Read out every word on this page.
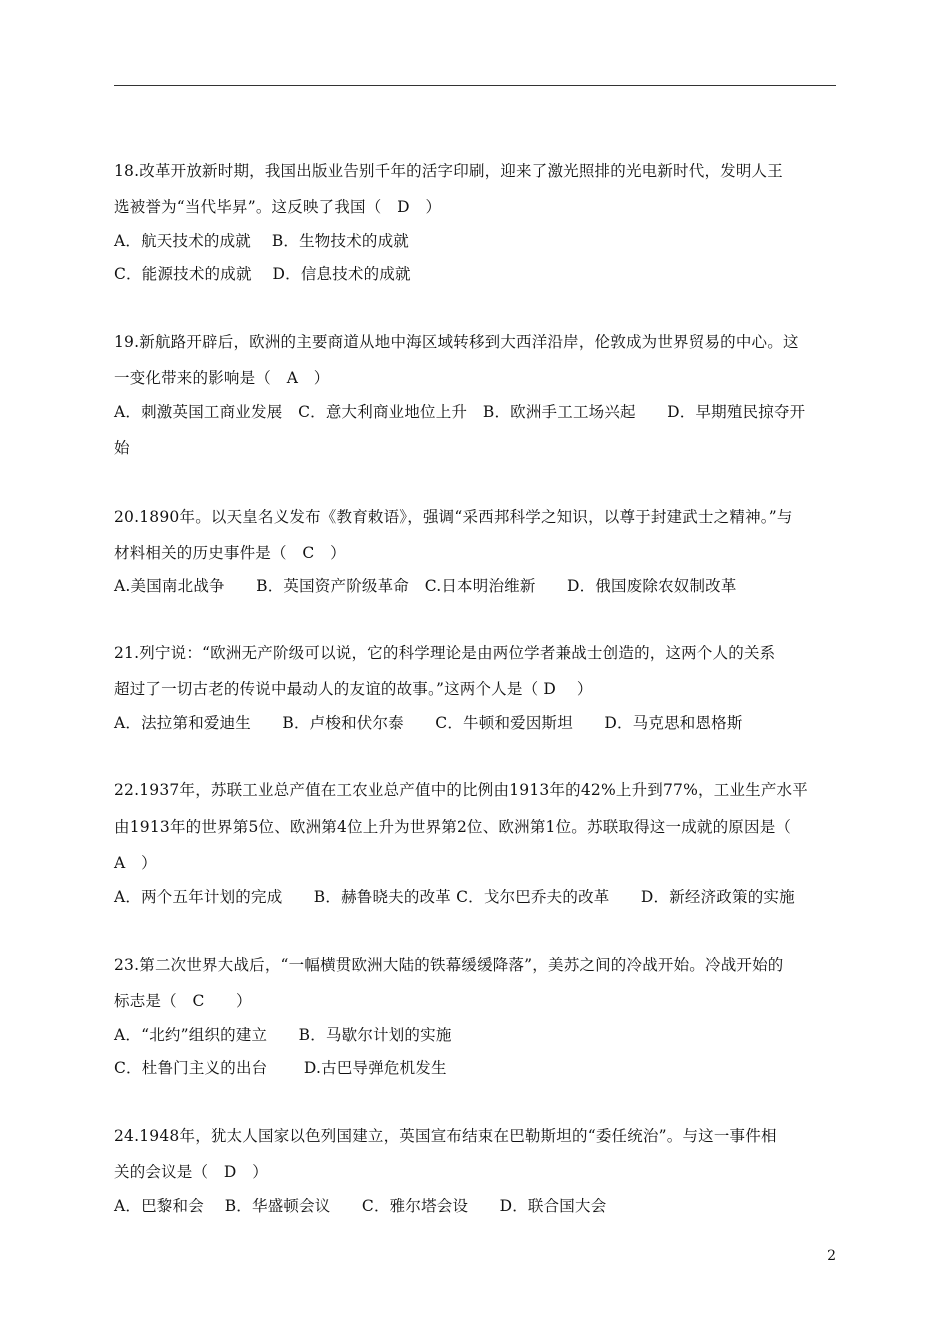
18.改革开放新时期，我国出版业告别千年的活字印刷，迎来了激光照排的光电新时代，发明人王
选被誉为“当代毕昇”。这反映了我国（　D　）
A．航天技术的成就　 B．生物技术的成就
C．能源技术的成就　 D．信息技术的成就
19.新航路开辟后，欧洲的主要商道从地中海区域转移到大西洋沿岸，伦敦成为世界贸易的中心。这
一变化带来的影响是（　A　）
A．刺激英国工商业发展　C．意大利商业地位上升　B．欧洲手工工场兴起　　D．早期殖民掠夺开
始
20.1890年。以天皇名义发布《教育敕语》，强调“采西邦科学之知识，以尊于封建武士之精神。”与
材料相关的历史事件是（　C　）
A.美国南北战争　　B．英国资产阶级革命　C.日本明治维新　　D．俄国废除农奴制改革
21.列宁说：“欧洲无产阶级可以说，它的科学理论是由两位学者兼战士创造的，这两个人的关系
超过了一切古老的传说中最动人的友谊的故事。”这两个人是（ D　 ）
A．法拉第和爱迪生　　B．卢梭和伏尔泰　　C．牛顿和爱因斯坦　　D．马克思和恩格斯
22.1937年，苏联工业总产值在工农业总产值中的比例由1913年的42%上升到77%，工业生产水平
由1913年的世界第5位、欧洲第4位上升为世界第2位、欧洲第1位。苏联取得这一成就的原因是（
A　）
A．两个五年计划的完成　　B．赫鲁晓夫的改革 C．戈尔巴乔夫的改革　　D．新经济政策的实施
23.第二次世界大战后，“一幅横贯欧洲大陆的铁幕缓缓降落”，美苏之间的冷战开始。冷战开始的
标志是（　C　　）
A．“北约”组织的建立　　B．马歇尔计划的实施
C．杜鲁门主义的出台　　 D.古巴导弹危机发生
24.1948年，犹太人国家以色列国建立，英国宣布结束在巴勒斯坦的“委任统治”。与这一事件相
关的会议是（　D　）
A．巴黎和会　 B．华盛顿会议　　C．雅尔塔会设　　D．联合国大会
2
